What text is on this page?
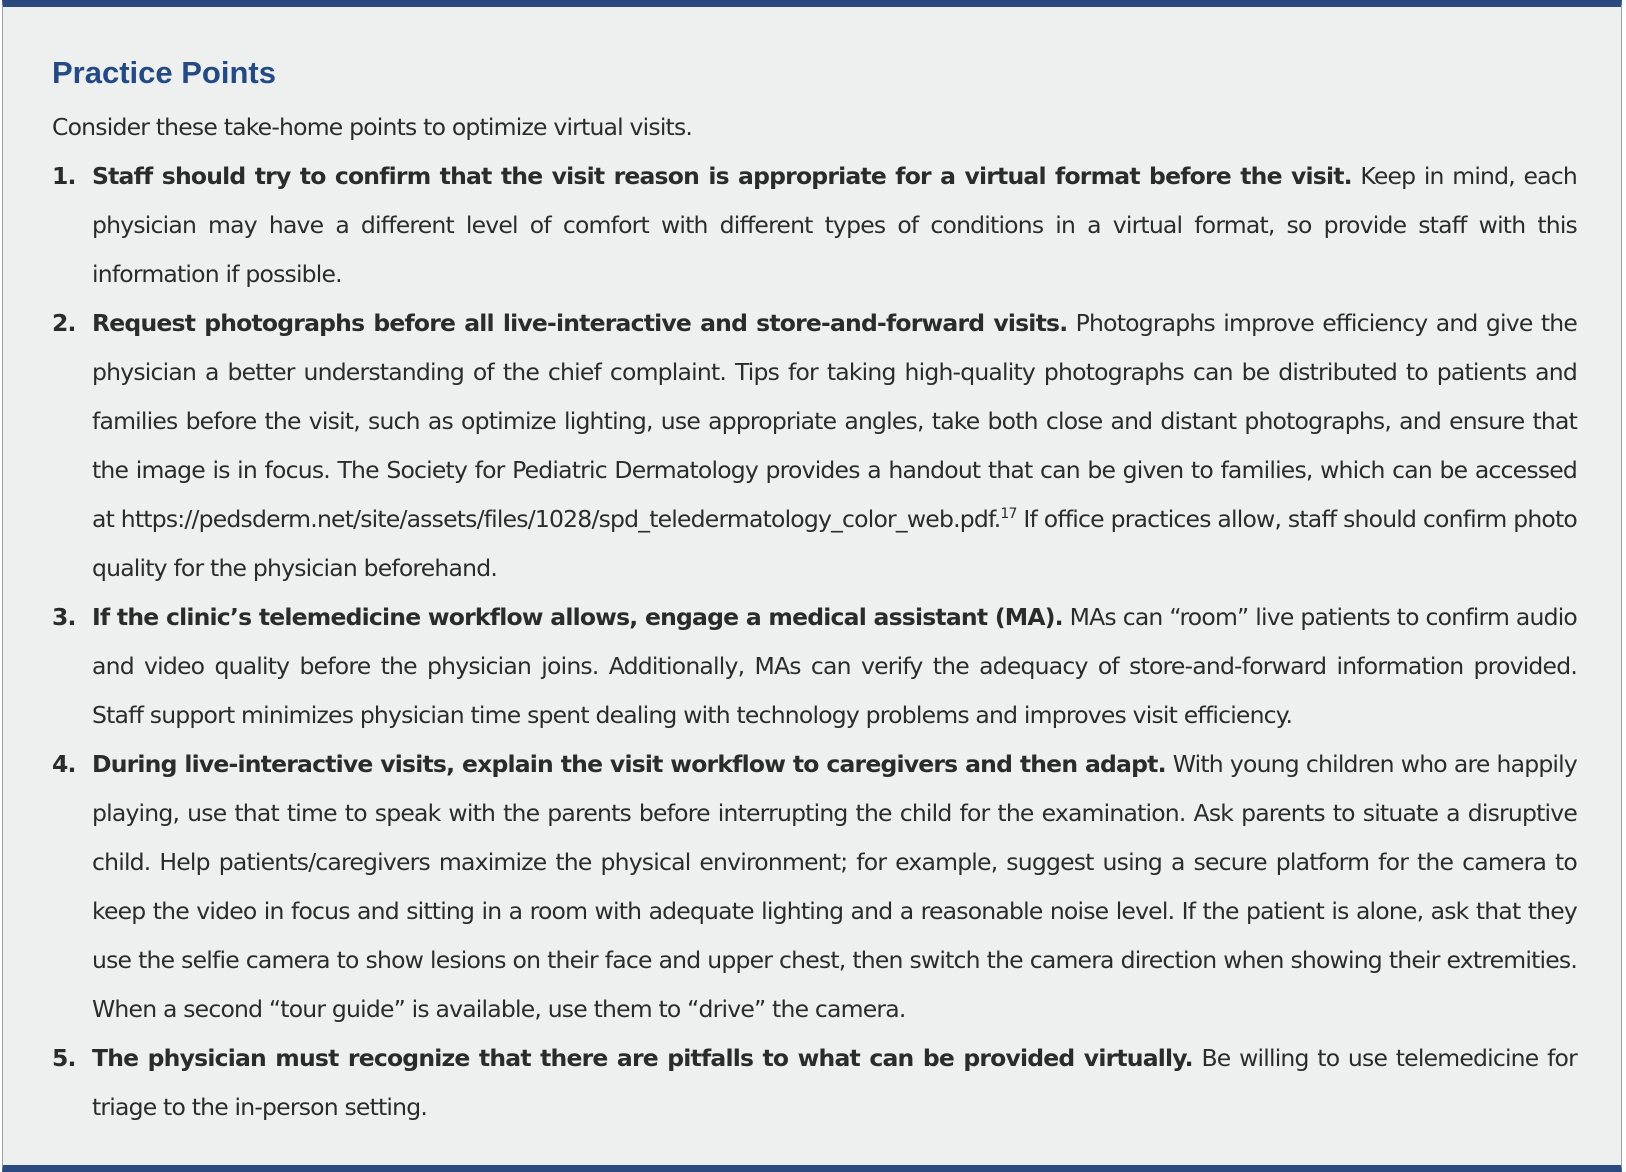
Practice Points

Consider these take-home points to optimize virtual visits.

1. Staff should try to confirm that the visit reason is appropriate for a virtual format before the visit. Keep in mind, each physician may have a different level of comfort with different types of conditions in a virtual format, so provide staff with this information if possible.
2. Request photographs before all live-interactive and store-and-forward visits. Photographs improve efficiency and give the physician a better understanding of the chief complaint. Tips for taking high-quality photographs can be distributed to patients and families before the visit, such as optimize lighting, use appropriate angles, take both close and distant photographs, and ensure that the image is in focus. The Society for Pediatric Dermatology provides a handout that can be given to families, which can be accessed at https://pedsderm.net/site/assets/files/1028/spd_teledermatology_color_web.pdf.$^{17}$ If office practices allow, staff should confirm photo quality for the physician beforehand.
3. If the clinic’s telemedicine workflow allows, engage a medical assistant (MA). MAs can “room” live patients to confirm audio and video quality before the physician joins. Additionally, MAs can verify the adequacy of store-and-forward information provided. Staff support minimizes physician time spent dealing with technology problems and improves visit efficiency.
4. During live-interactive visits, explain the visit workflow to caregivers and then adapt. With young children who are happily playing, use that time to speak with the parents before interrupting the child for the examination. Ask parents to situate a disruptive child. Help patients/caregivers maximize the physical environment; for example, suggest using a secure platform for the camera to keep the video in focus and sitting in a room with adequate lighting and a reasonable noise level. If the patient is alone, ask that they use the selfie camera to show lesions on their face and upper chest, then switch the camera direction when showing their extremities. When a second “tour guide” is available, use them to “drive” the camera.
5. The physician must recognize that there are pitfalls to what can be provided virtually. Be willing to use telemedicine for triage to the in-person setting.
